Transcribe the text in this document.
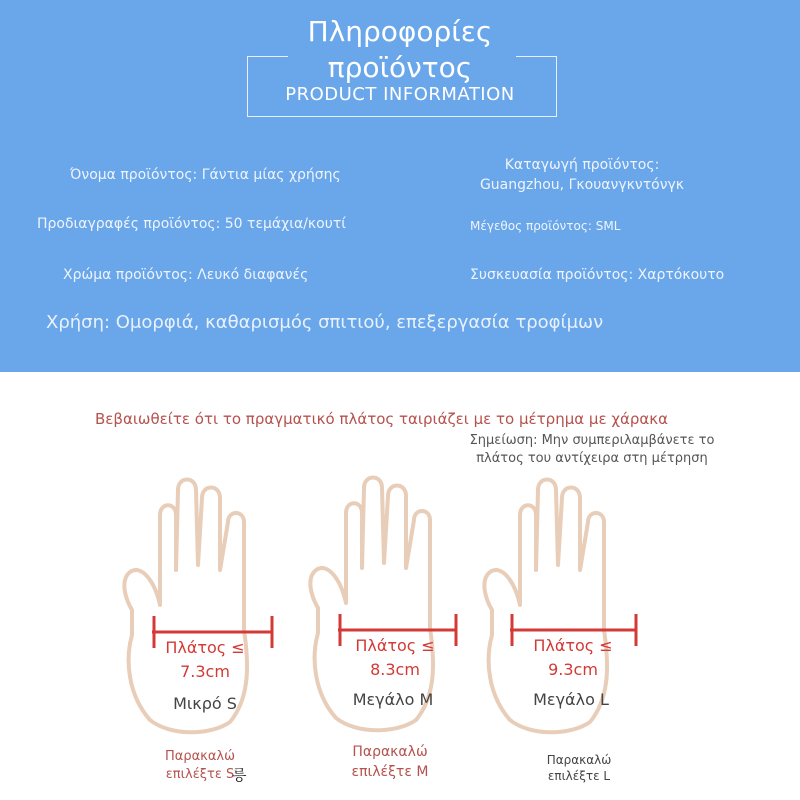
Πληροφορίες
προϊόντος
PRODUCT INFORMATION
Όνομα προϊόντος: Γάντια μίας χρήσης
Καταγωγή προϊόντος:
Guangzhou, Γκουανγκντόνγκ
Προδιαγραφές προϊόντος: 50 τεμάχια/κουτί	Μέγεθος προϊόντος: SML
Χρώμα προϊόντος: Λευκό διαφανές	Συσκευασία προϊόντος: Χαρτόκουτο
Χρήση: Ομορφιά, καθαρισμός σπιτιού, επεξεργασία τροφίμων
Βεβαιωθείτε ότι το πραγματικό πλάτος ταιριάζει με το μέτρημα με χάρακα
Σημείωση: Μην συμπεριλαμβάνετε το
πλάτος του αντίχειρα στη μέτρηση
Πλάτος ≤
7.3cm
Μικρό S
Παρακαλώ
επιλέξτε S
릉
Πλάτος ≤
8.3cm
Μεγάλο M
Παρακαλώ
επιλέξτε M
Πλάτος ≤
9.3cm
Μεγάλο L
Παρακαλώ
επιλέξτε L
